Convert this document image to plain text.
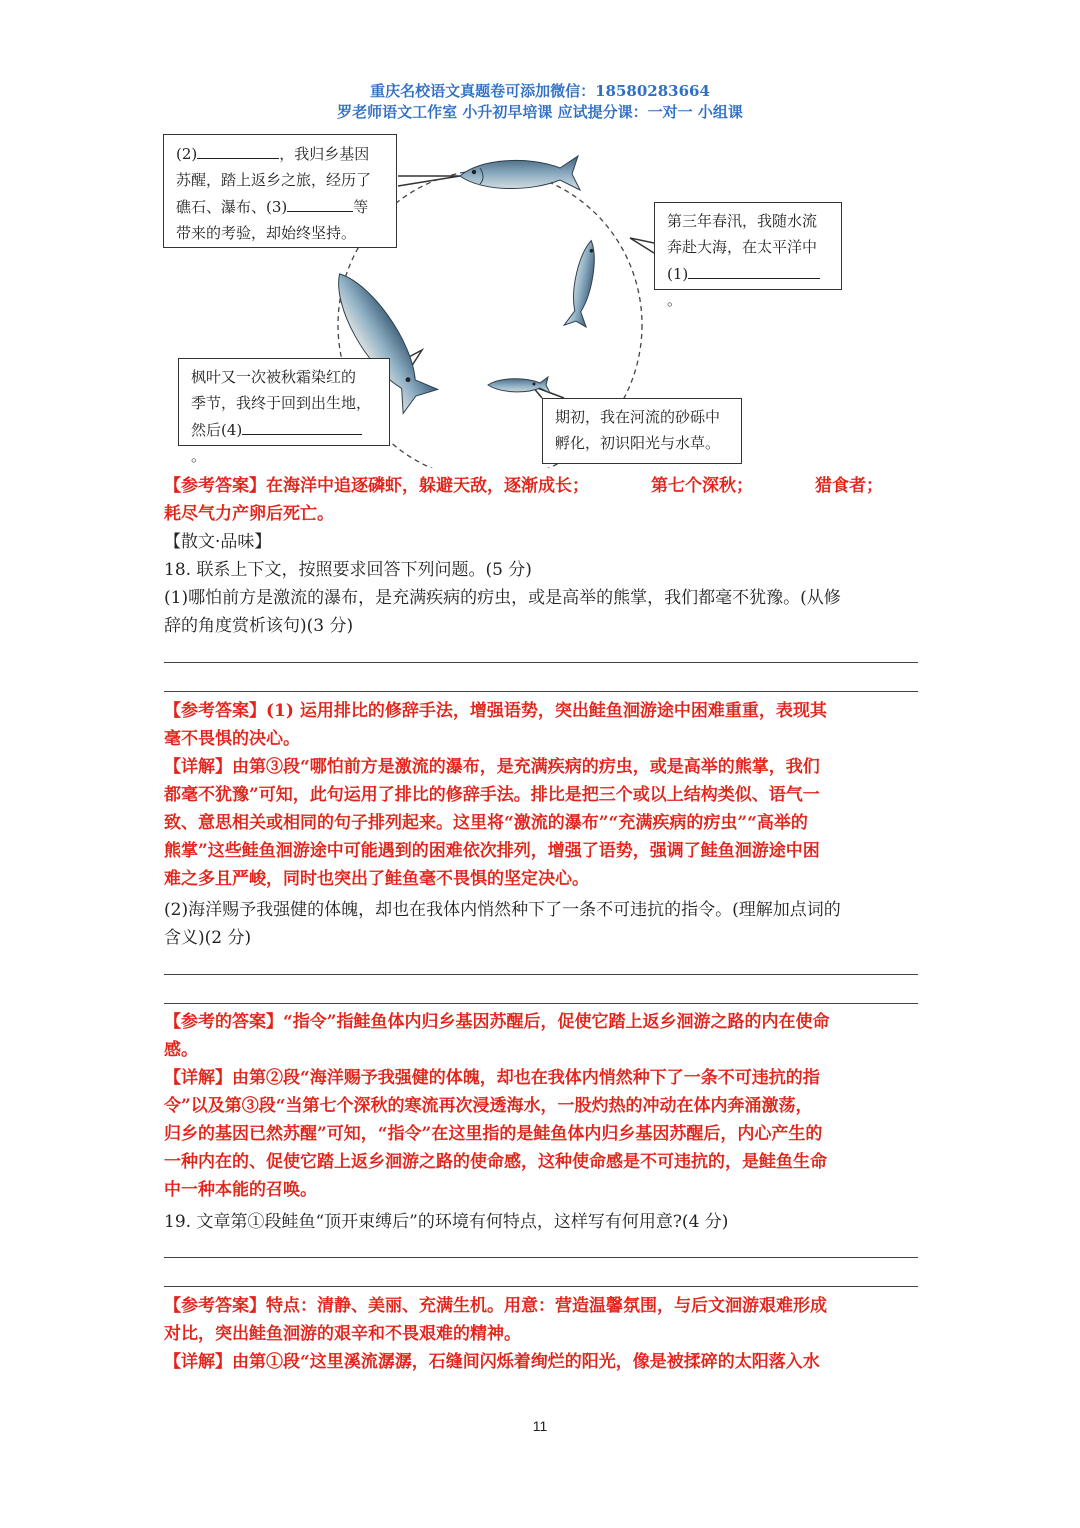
重庆名校语文真题卷可添加微信：18580283664
罗老师语文工作室 小升初早培课 应试提分课：一对一 小组课
(2)	，我归乡基因
苏醒，踏上返乡之旅，经历了
礁石、瀑布、(3)	等
带来的考验，却始终坚持。
第三年春汛，我随水流
奔赴大海，在太平洋中
(1)。
枫叶又一次被秋霜染红的
季节，我终于回到出生地，
然后(4)。
期初，我在河流的砂砾中
孵化，初识阳光与水草。
【参考答案】在海洋中追逐磷虾，躲避天敌，逐渐成长；	第七个深秋；	猎食者；
耗尽气力产卵后死亡。
【散文·品味】
18. 联系上下文，按照要求回答下列问题。(5 分)
(1)哪怕前方是激流的瀑布，是充满疾病的疠虫，或是高举的熊掌，我们都毫不犹豫。(从修
辞的角度赏析该句)(3 分)
【参考答案】(1) 运用排比的修辞手法，增强语势，突出鲑鱼洄游途中困难重重，表现其
毫不畏惧的决心。
【详解】由第③段“哪怕前方是激流的瀑布，是充满疾病的疠虫，或是高举的熊掌，我们
都毫不犹豫”可知，此句运用了排比的修辞手法。排比是把三个或以上结构类似、语气一
致、意思相关或相同的句子排列起来。这里将“激流的瀑布”“充满疾病的疠虫”“高举的
熊掌”这些鲑鱼洄游途中可能遇到的困难依次排列，增强了语势，强调了鲑鱼洄游途中困
难之多且严峻，同时也突出了鲑鱼毫不畏惧的坚定决心。
(2)海洋赐予我强健的体魄，却也在我体内悄然种下了一条不可违抗的指令。(理解加点词的
含义)(2 分)
【参考的答案】“指令”指鲑鱼体内归乡基因苏醒后，促使它踏上返乡洄游之路的内在使命
感。
【详解】由第②段“海洋赐予我强健的体魄，却也在我体内悄然种下了一条不可违抗的指
令”以及第③段“当第七个深秋的寒流再次浸透海水，一股灼热的冲动在体内奔涌激荡，
归乡的基因已然苏醒”可知，“指令”在这里指的是鲑鱼体内归乡基因苏醒后，内心产生的
一种内在的、促使它踏上返乡洄游之路的使命感，这种使命感是不可违抗的，是鲑鱼生命
中一种本能的召唤。
19. 文章第①段鲑鱼“顶开束缚后”的环境有何特点，这样写有何用意?(4 分)
【参考答案】特点：清静、美丽、充满生机。用意：营造温馨氛围，与后文洄游艰难形成
对比，突出鲑鱼洄游的艰辛和不畏艰难的精神。
【详解】由第①段“这里溪流潺潺，石缝间闪烁着绚烂的阳光，像是被揉碎的太阳落入水
11
